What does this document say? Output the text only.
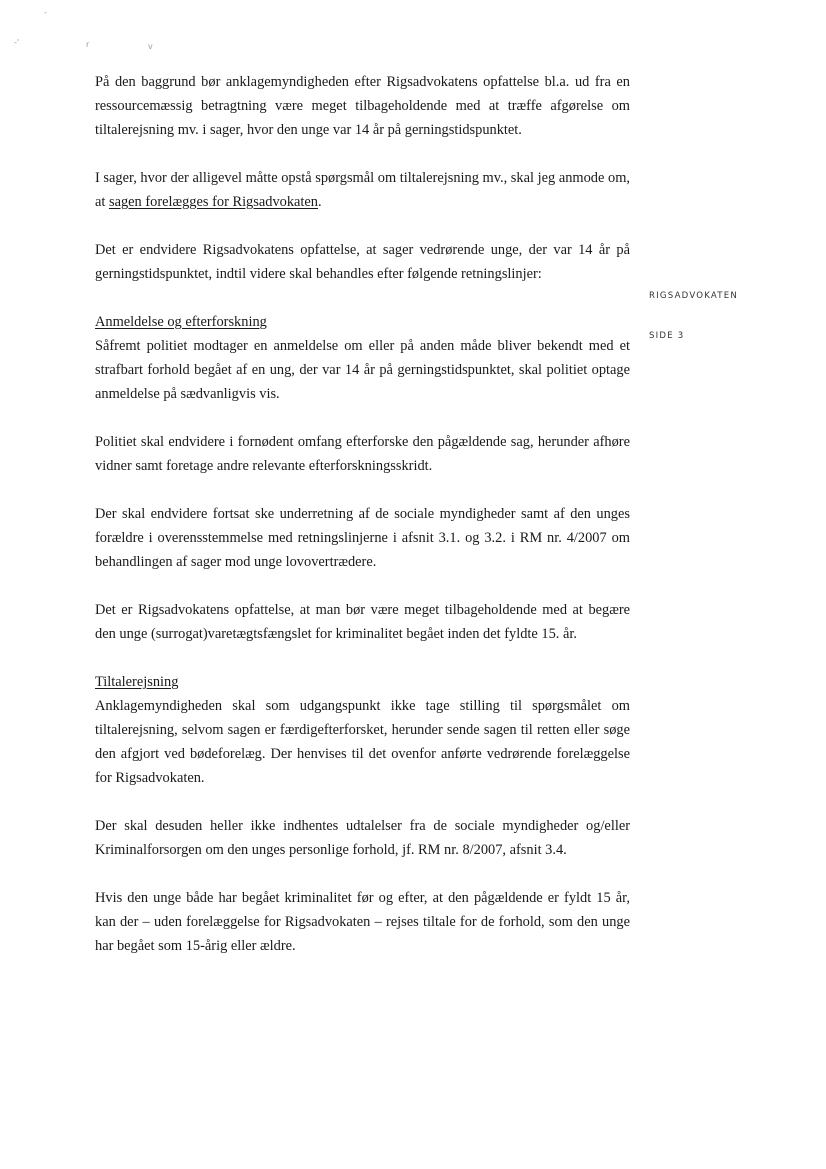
-
-'	r	v
RIGSADVOKATEN
SIDE 3

På den baggrund bør anklagemyndigheden efter Rigsadvokatens opfattelse bl.a. ud fra en ressourcemæssig betragtning være meget tilbageholdende med at træffe afgørelse om tiltalerejsning mv. i sager, hvor den unge var 14 år på gerningstidspunktet.

I sager, hvor der alligevel måtte opstå spørgsmål om tiltalerejsning mv., skal jeg anmode om, at sagen forelægges for Rigsadvokaten.

Det er endvidere Rigsadvokatens opfattelse, at sager vedrørende unge, der var 14 år på gerningstidspunktet, indtil videre skal behandles efter følgende retningslinjer:

Anmeldelse og efterforskning

Såfremt politiet modtager en anmeldelse om eller på anden måde bliver bekendt med et strafbart forhold begået af en ung, der var 14 år på gerningstidspunktet, skal politiet optage anmeldelse på sædvanligvis vis.

Politiet skal endvidere i fornødent omfang efterforske den pågældende sag, herunder afhøre vidner samt foretage andre relevante efterforskningsskridt.

Der skal endvidere fortsat ske underretning af de sociale myndigheder samt af den unges forældre i overensstemmelse med retningslinjerne i afsnit 3.1. og 3.2. i RM nr. 4/2007 om behandlingen af sager mod unge lovovertrædere.

Det er Rigsadvokatens opfattelse, at man bør være meget tilbageholdende med at begære den unge (surrogat)varetægtsfængslet for kriminalitet begået inden det fyldte 15. år.

Tiltalerejsning

Anklagemyndigheden skal som udgangspunkt ikke tage stilling til spørgsmålet om tiltalerejsning, selvom sagen er færdigefterforsket, herunder sende sagen til retten eller søge den afgjort ved bødeforelæg. Der henvises til det ovenfor anførte vedrørende forelæggelse for Rigsadvokaten.

Der skal desuden heller ikke indhentes udtalelser fra de sociale myndigheder og/eller Kriminalforsorgen om den unges personlige forhold, jf. RM nr. 8/2007, afsnit 3.4.

Hvis den unge både har begået kriminalitet før og efter, at den pågældende er fyldt 15 år, kan der – uden forelæggelse for Rigsadvokaten – rejses tiltale for de forhold, som den unge har begået som 15-årig eller ældre.
